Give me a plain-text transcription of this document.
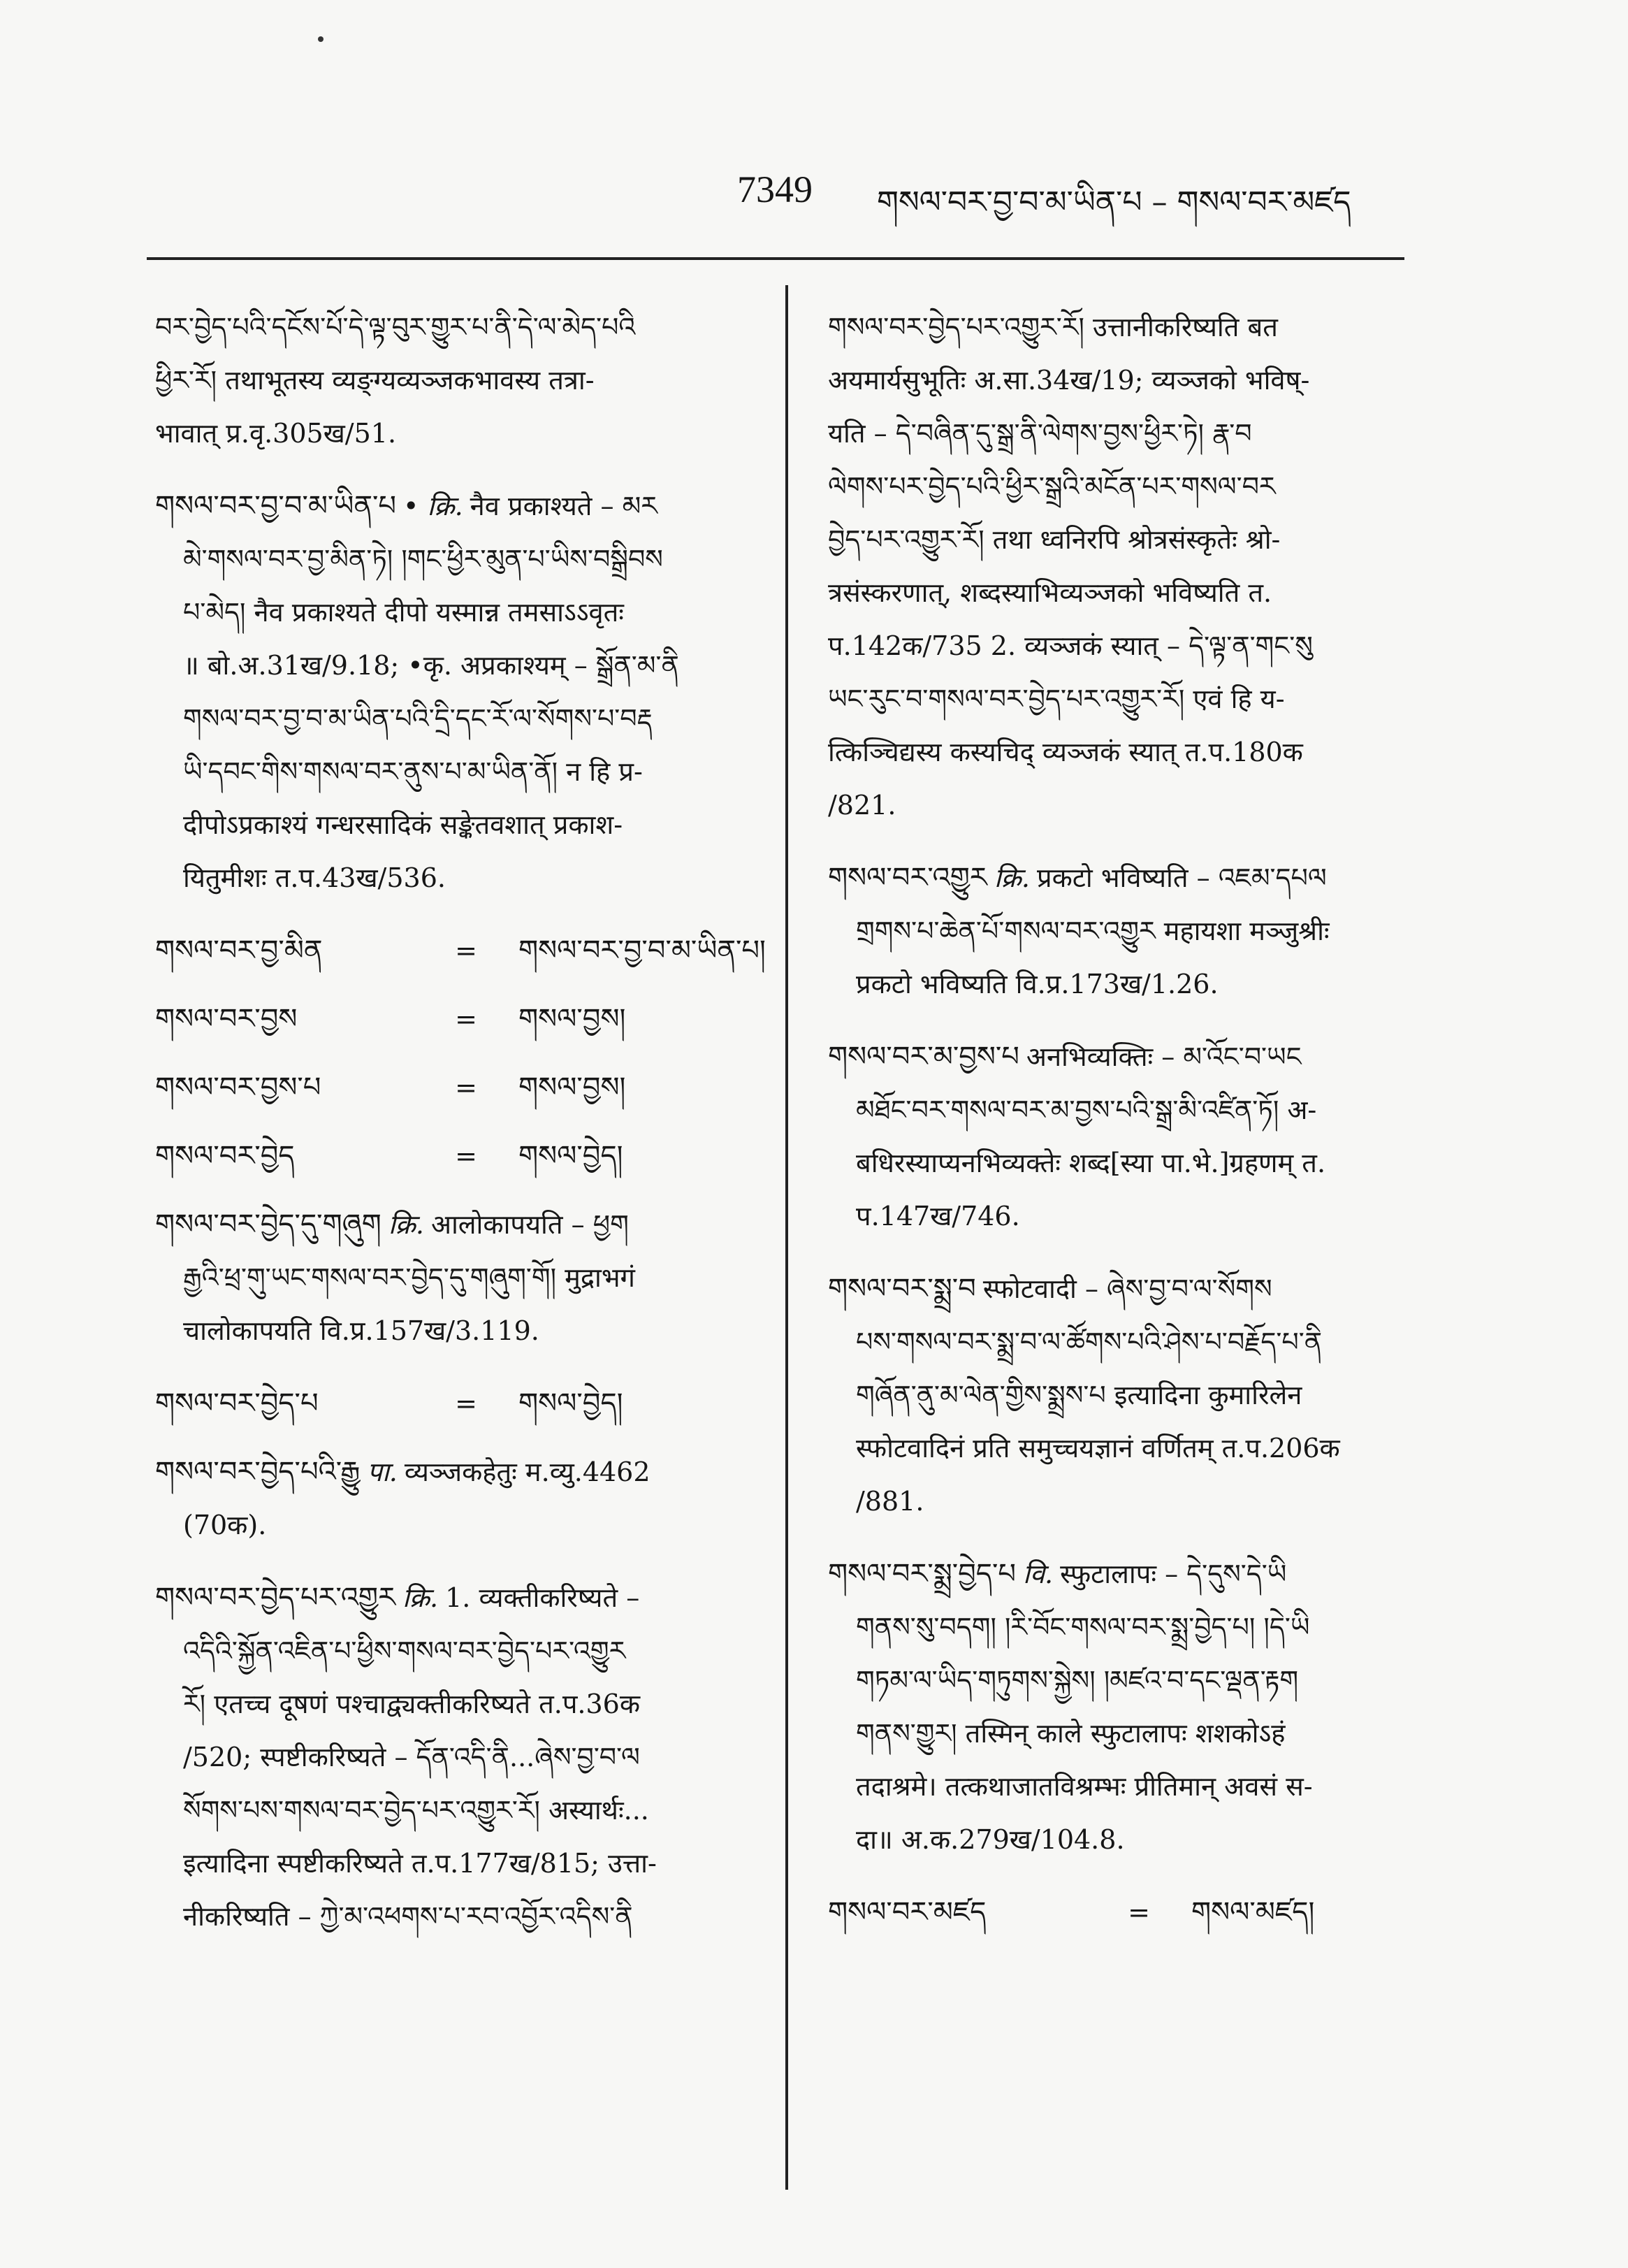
7349 གསལ་བར་བྱ་བ་མ་ཡིན་པ – གསལ་བར་མཛད
བར་བྱེད་པའི་དངོས་པོ་དེ་ལྟ་བུར་གྱུར་པ་ནི་དེ་ལ་མེད་པའི
ཕྱིར་རོ། तथाभूतस्य व्यङ्ग्यव्यञ्जकभावस्य तत्रा-
भावात् प्र.वृ.305ख/51.
གསལ་བར་བྱ་བ་མ་ཡིན་པ • क्रि. नैव प्रकाश्यते – མར
མེ་གསལ་བར་བྱ་མིན་ཏེ། །གང་ཕྱིར་མུན་པ་ཡིས་བསྒྲིབས
པ་མེད། नैव प्रकाश्यते दीपो यस्मान्न तमसाऽऽवृतः
॥ बो.अ.31ख/9.18; •कृ. अप्रकाश्यम् – སྒྲོན་མ་ནི
གསལ་བར་བྱ་བ་མ་ཡིན་པའི་དྲི་དང་རོ་ལ་སོགས་པ་བརྡ
ཡི་དབང་གིས་གསལ་བར་ནུས་པ་མ་ཡིན་ནོ། न हि प्र-
दीपोऽप्रकाश्यं गन्धरसादिकं सङ्केतवशात् प्रकाश-
यितुमीशः त.प.43ख/536.
གསལ་བར་བྱ་མིན	=	གསལ་བར་བྱ་བ་མ་ཡིན་པ།
གསལ་བར་བྱས	=	གསལ་བྱས།
གསལ་བར་བྱས་པ	=	གསལ་བྱས།
གསལ་བར་བྱེད	=	གསལ་བྱེད།
གསལ་བར་བྱེད་དུ་གཞུག क्रि. आलोकापयति – ཕྱག
རྒྱའི་ཕྲ་གུ་ཡང་གསལ་བར་བྱེད་དུ་གཞུག་གོ། मुद्राभगं
चालोकापयति वि.प्र.157ख/3.119.
གསལ་བར་བྱེད་པ	=	གསལ་བྱེད།
གསལ་བར་བྱེད་པའི་རྒྱུ पा. व्यञ्जकहेतुः म.व्यु.4462
(70क).
གསལ་བར་བྱེད་པར་འགྱུར क्रि. 1. व्यक्तीकरिष्यते –
འདིའི་སྐྱོན་འཇིན་པ་ཕྱིས་གསལ་བར་བྱེད་པར་འགྱུར
རོ། एतच्च दूषणं पश्चाद्व्यक्तीकरिष्यते त.प.36क
/520; स्पष्टीकरिष्यते – དོན་འདི་ནི...ཞེས་བྱ་བ་ལ
སོགས་པས་གསལ་བར་བྱེད་པར་འགྱུར་རོ། अस्यार्थः...
इत्यादिना स्पष्टीकरिष्यते त.प.177ख/815; उत्ता-
नीकरिष्यति – ཀྱེ་མ་འཕགས་པ་རབ་འབྱོར་འདིས་ནི
གསལ་བར་བྱེད་པར་འགྱུར་རོ། उत्तानीकरिष्यति बत
अयमार्यसुभूतिः अ.सा.34ख/19; व्यञ्जको भविष्-
यति – དེ་བཞིན་དུ་སྒྲ་ནི་ལེགས་བྱས་ཕྱིར་ཏེ། རྣ་བ
ལེགས་པར་བྱེད་པའི་ཕྱིར་སྒྲའི་མངོན་པར་གསལ་བར
བྱེད་པར་འགྱུར་རོ། तथा ध्वनिरपि श्रोत्रसंस्कृतेः श्रो-
त्रसंस्करणात्, शब्दस्याभिव्यञ्जको भविष्यति त.
प.142क/735 2. व्यञ्जकं स्यात् – དེ་ལྟ་ན་གང་སུ
ཡང་རུང་བ་གསལ་བར་བྱེད་པར་འགྱུར་རོ། एवं हि य-
त्किञ्चिद्यस्य कस्यचिद् व्यञ्जकं स्यात् त.प.180क
/821.
གསལ་བར་འགྱུར क्रि. प्रकटो भविष्यति – འཇམ་དཔལ
གྲགས་པ་ཆེན་པོ་གསལ་བར་འགྱུར महायशा मञ्जुश्रीः
प्रकटो भविष्यति वि.प्र.173ख/1.26.
གསལ་བར་མ་བྱས་པ अनभिव्यक्तिः – མ་འོང་བ་ཡང
མཐོང་བར་གསལ་བར་མ་བྱས་པའི་སྒྲ་མི་འཛིན་ཏོ། अ-
बधिरस्याप्यनभिव्यक्तेः शब्द[स्या पा.भे.]ग्रहणम् त.
प.147ख/746.
གསལ་བར་སྨྲ་བ स्फोटवादी – ཞེས་བྱ་བ་ལ་སོགས
པས་གསལ་བར་སྨྲ་བ་ལ་ཚོགས་པའི་ཤེས་པ་བརྗོད་པ་ནི
གཞོན་ནུ་མ་ལེན་གྱིས་སྨྲས་པ इत्यादिना कुमारिलेन
स्फोटवादिनं प्रति समुच्चयज्ञानं वर्णितम् त.प.206क
/881.
གསལ་བར་སྨྲ་བྱེད་པ वि. स्फुटालापः – དེ་དུས་དེ་ཡི
གནས་སུ་བདག། །རི་བོང་གསལ་བར་སྨྲ་བྱེད་པ། །དེ་ཡི
གཏམ་ལ་ཡིད་གཏུགས་སྐྱེས། །མཛའ་བ་དང་ལྡན་རྟག
གནས་གྱུར། तस्मिन् काले स्फुटालापः शशकोऽहं
तदाश्रमे। तत्कथाजातविश्रम्भः प्रीतिमान् अवसं स-
दा॥ अ.क.279ख/104.8.
གསལ་བར་མཛད	=	གསལ་མཛད།
